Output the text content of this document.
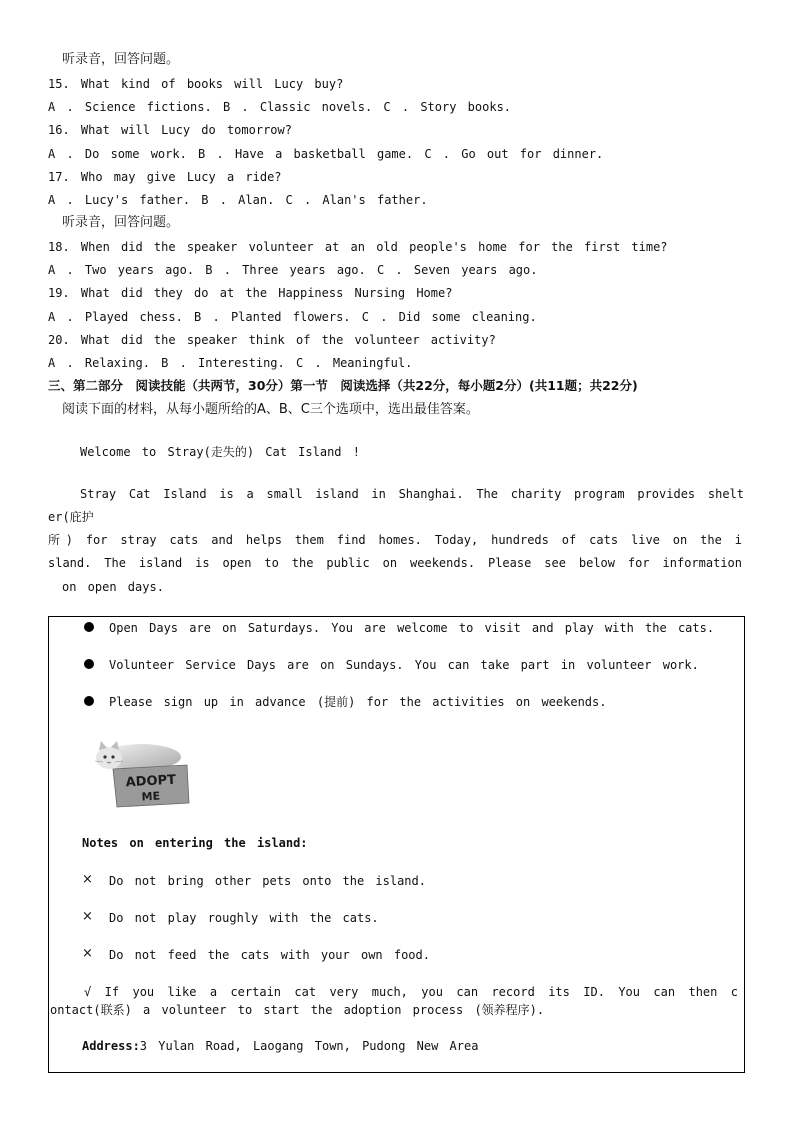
听录音，回答问题。
15. What kind of books will Lucy buy?
A . Science fictions. B . Classic novels. C . Story books.
16. What will Lucy do tomorrow?
A . Do some work. B . Have a basketball game. C . Go out for dinner.
17. Who may give Lucy a ride?
A . Lucy's father. B . Alan. C . Alan's father.
听录音，回答问题。
18. When did the speaker volunteer at an old people's home for the first time?
A . Two years ago. B . Three years ago. C . Seven years ago.
19. What did they do at the Happiness Nursing Home?
A . Played chess. B . Planted flowers. C . Did some cleaning.
20. What did the speaker think of the volunteer activity?
A . Relaxing. B . Interesting. C . Meaningful.
三、第二部分　阅读技能（共两节，30分）第一节　阅读选择（共22分，每小题2分）(共11题；共22分)
阅读下面的材料，从每小题所给的A、B、C三个选项中，选出最佳答案。
Welcome to Stray(走失的) Cat Island !
Stray Cat Island is a small island in Shanghai. The charity program provides shelt
er(庇护
所) for stray cats and helps them find homes. Today, hundreds of cats live on the i
sland. The island is open to the public on weekends. Please see below for information
on open days.
Open Days are on Saturdays. You are welcome to visit and play with the cats.
Volunteer Service Days are on Sundays. You can take part in volunteer work.
Please sign up in advance (提前) for the activities on weekends.
ADOPT
ME
Notes on entering the island:
× Do not bring other pets onto the island.
× Do not play roughly with the cats.
× Do not feed the cats with your own food.
√ If you like a certain cat very much, you can record its ID. You can then c
ontact(联系) a volunteer to start the adoption process (领养程序).
Address:3 Yulan Road, Laogang Town, Pudong New Area
